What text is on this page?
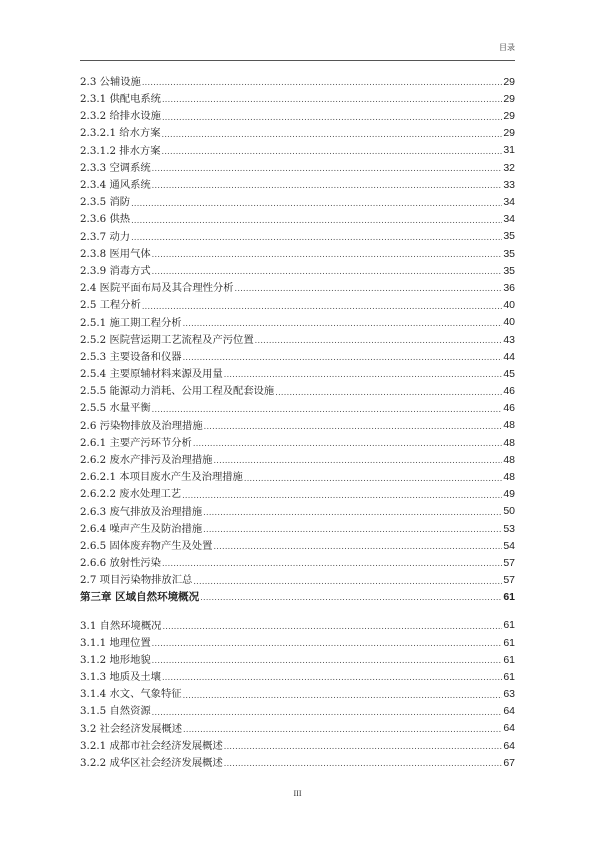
目录
2.3 公辅设施 .....	29
2.3.1 供配电系统 .....	29
2.3.2 给排水设施 .....	29
2.3.2.1 给水方案 .....	29
2.3.1.2 排水方案 .....	31
2.3.3 空调系统 .....	32
2.3.4 通风系统 .....	33
2.3.5 消防 .....	34
2.3.6 供热 .....	34
2.3.7 动力 .....	35
2.3.8 医用气体 .....	35
2.3.9 消毒方式 .....	35
2.4 医院平面布局及其合理性分析 .....	36
2.5 工程分析 .....	40
2.5.1 施工期工程分析 .....	40
2.5.2 医院营运期工艺流程及产污位置 .....	43
2.5.3 主要设备和仪器 .....	44
2.5.4 主要原辅材料来源及用量 .....	45
2.5.5 能源动力消耗、公用工程及配套设施 .....	46
2.5.5 水量平衡 .....	46
2.6 污染物排放及治理措施 .....	48
2.6.1 主要产污环节分析 .....	48
2.6.2 废水产排污及治理措施 .....	48
2.6.2.1 本项目废水产生及治理措施 .....	48
2.6.2.2 废水处理工艺 .....	49
2.6.3 废气排放及治理措施 .....	50
2.6.4 噪声产生及防治措施 .....	53
2.6.5 固体废弃物产生及处置 .....	54
2.6.6 放射性污染 .....	57
2.7 项目污染物排放汇总 .....	57
第三章 区域自然环境概况 .....	61
3.1 自然环境概况 .....	61
3.1.1 地理位置 .....	61
3.1.2 地形地貌 .....	61
3.1.3 地质及土壤 .....	61
3.1.4 水文、气象特征 .....	63
3.1.5 自然资源 .....	64
3.2 社会经济发展概述 .....	64
3.2.1 成都市社会经济发展概述 .....	64
3.2.2 成华区社会经济发展概述 .....	67
III
